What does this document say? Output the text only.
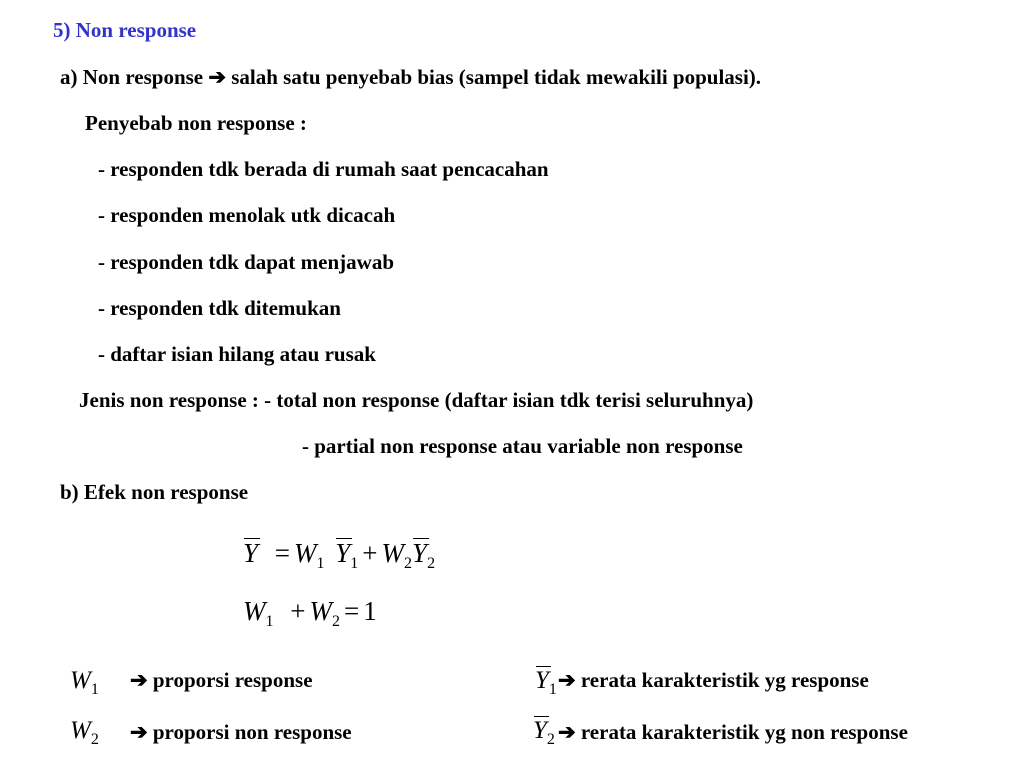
5) Non response
a) Non response ➔ salah satu penyebab bias (sampel tidak mewakili populasi).
Penyebab non response :
- responden tdk berada di rumah saat pencacahan
- responden menolak utk dicacah
- responden tdk dapat menjawab
- responden tdk ditemukan
- daftar isian hilang atau rusak
Jenis non response : - total non response (daftar isian tdk terisi seluruhnya)
- partial non response atau variable non response
b) Efek non response
$Y = W_1$ $Y_1 + W_2Y_2$
$W_1 + W_2 = 1$
$W_1$ ➔ proporsi response
$W_2$ ➔ proporsi non response
$Y_1$ ➔ rerata karakteristik yg response
$Y_2$ ➔ rerata karakteristik yg non response
